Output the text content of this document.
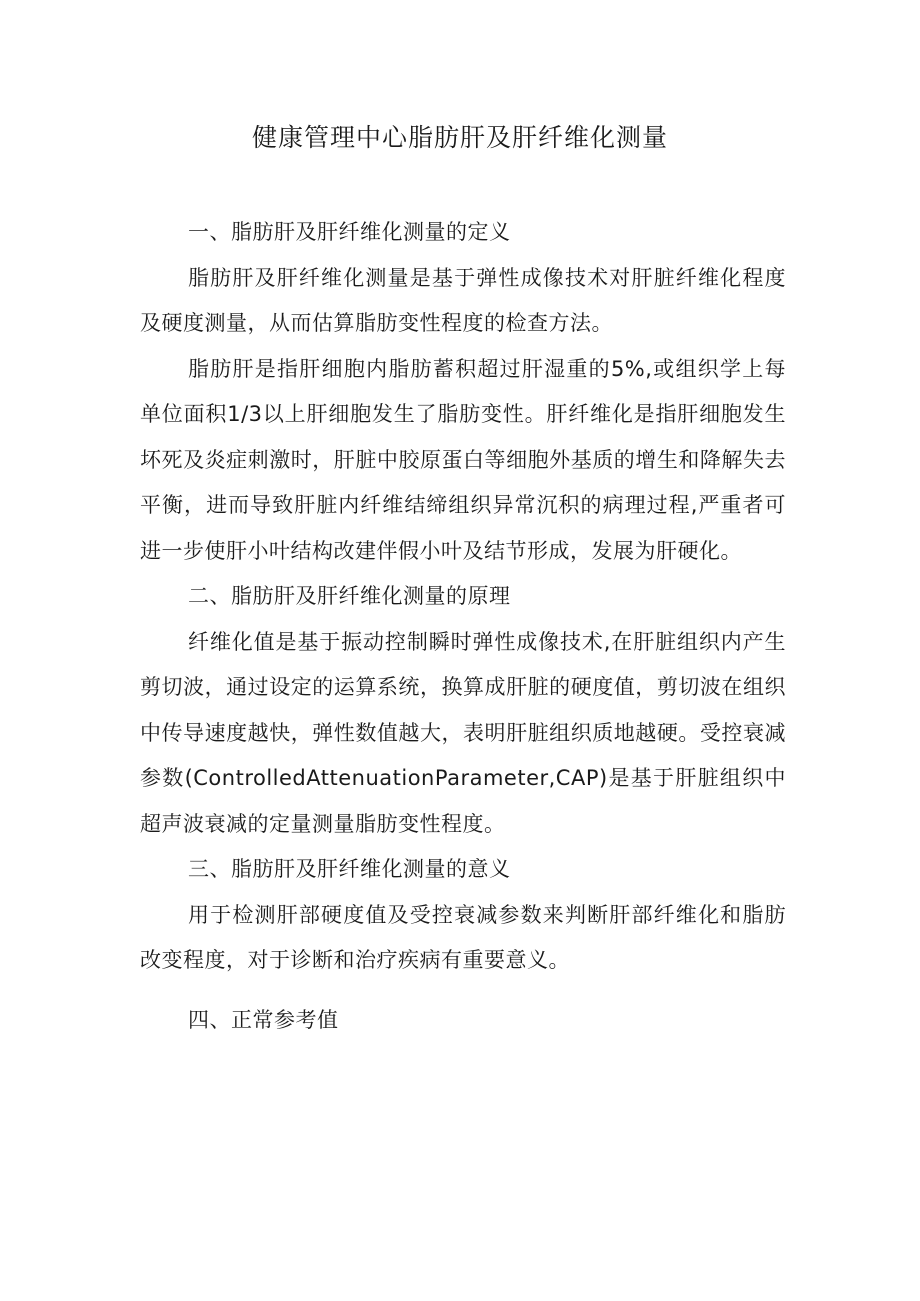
健康管理中心脂肪肝及肝纤维化测量

一、脂肪肝及肝纤维化测量的定义

脂肪肝及肝纤维化测量是基于弹性成像技术对肝脏纤维化程度及硬度测量，从而估算脂肪变性程度的检查方法。

脂肪肝是指肝细胞内脂肪蓄积超过肝湿重的5%,或组织学上每单位面积1/3以上肝细胞发生了脂肪变性。肝纤维化是指肝细胞发生坏死及炎症刺激时，肝脏中胶原蛋白等细胞外基质的增生和降解失去平衡，进而导致肝脏内纤维结缔组织异常沉积的病理过程,严重者可进一步使肝小叶结构改建伴假小叶及结节形成，发展为肝硬化。

二、脂肪肝及肝纤维化测量的原理

纤维化值是基于振动控制瞬时弹性成像技术,在肝脏组织内产生剪切波，通过设定的运算系统，换算成肝脏的硬度值，剪切波在组织中传导速度越快，弹性数值越大，表明肝脏组织质地越硬。受控衰减参数(ControlledAttenuationParameter,CAP)是基于肝脏组织中超声波衰减的定量测量脂肪变性程度。

三、脂肪肝及肝纤维化测量的意义

用于检测肝部硬度值及受控衰减参数来判断肝部纤维化和脂肪改变程度，对于诊断和治疗疾病有重要意义。

四、正常参考值
